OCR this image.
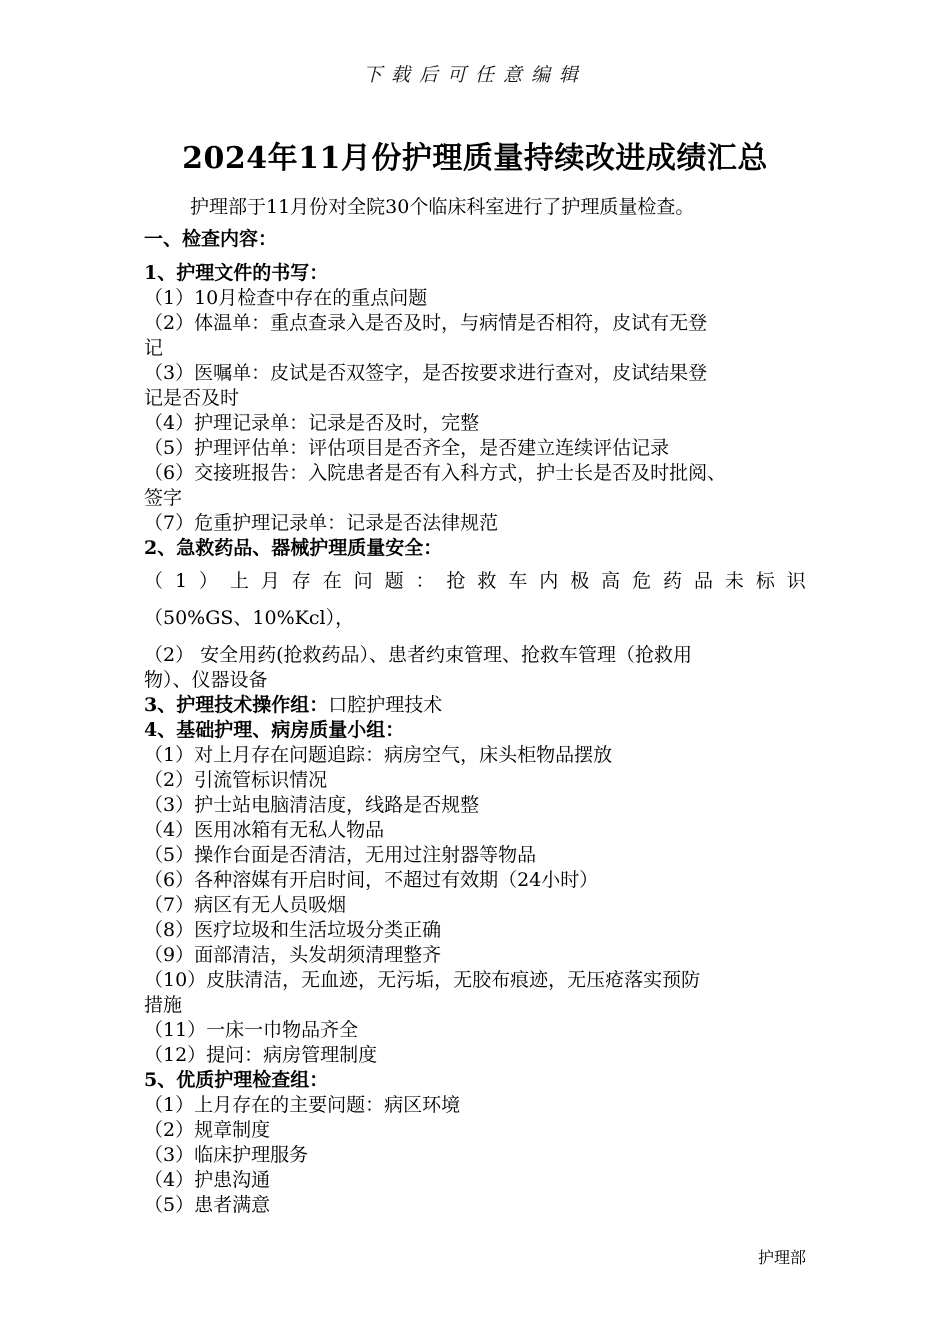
下载后可任意编辑
2024年11月份护理质量持续改进成绩汇总
护理部于11月份对全院30个临床科室进行了护理质量检查。
一、检查内容：
1、护理文件的书写：
（1）10月检查中存在的重点问题
（2）体温单：重点查录入是否及时，与病情是否相符，皮试有无登
记
（3）医嘱单：皮试是否双签字，是否按要求进行查对，皮试结果登
记是否及时
（4）护理记录单：记录是否及时，完整
（5）护理评估单：评估项目是否齐全，是否建立连续评估记录
（6）交接班报告：入院患者是否有入科方式，护士长是否及时批阅、
签字
（7）危重护理记录单：记录是否法律规范
2、急救药品、器械护理质量安全：
（ 1 ） 上 月 存 在 问 题 ： 抢 救 车 内 极 高 危 药 品 未 标 识
（50%GS、10%Kcl），
（2） 安全用药(抢救药品）、患者约束管理、抢救车管理（抢救用
物）、仪器设备
3、护理技术操作组：口腔护理技术
4、基础护理、病房质量小组：
（1）对上月存在问题追踪：病房空气，床头柜物品摆放
（2）引流管标识情况
（3）护士站电脑清洁度，线路是否规整
（4）医用冰箱有无私人物品
（5）操作台面是否清洁，无用过注射器等物品
（6）各种溶媒有开启时间，不超过有效期（24小时）
（7）病区有无人员吸烟
（8）医疗垃圾和生活垃圾分类正确
（9）面部清洁，头发胡须清理整齐
（10）皮肤清洁，无血迹，无污垢，无胶布痕迹，无压疮落实预防
措施
（11）一床一巾物品齐全
（12）提问：病房管理制度
5、优质护理检查组：
（1）上月存在的主要问题：病区环境
（2）规章制度
（3）临床护理服务
（4）护患沟通
（5）患者满意
护理部
